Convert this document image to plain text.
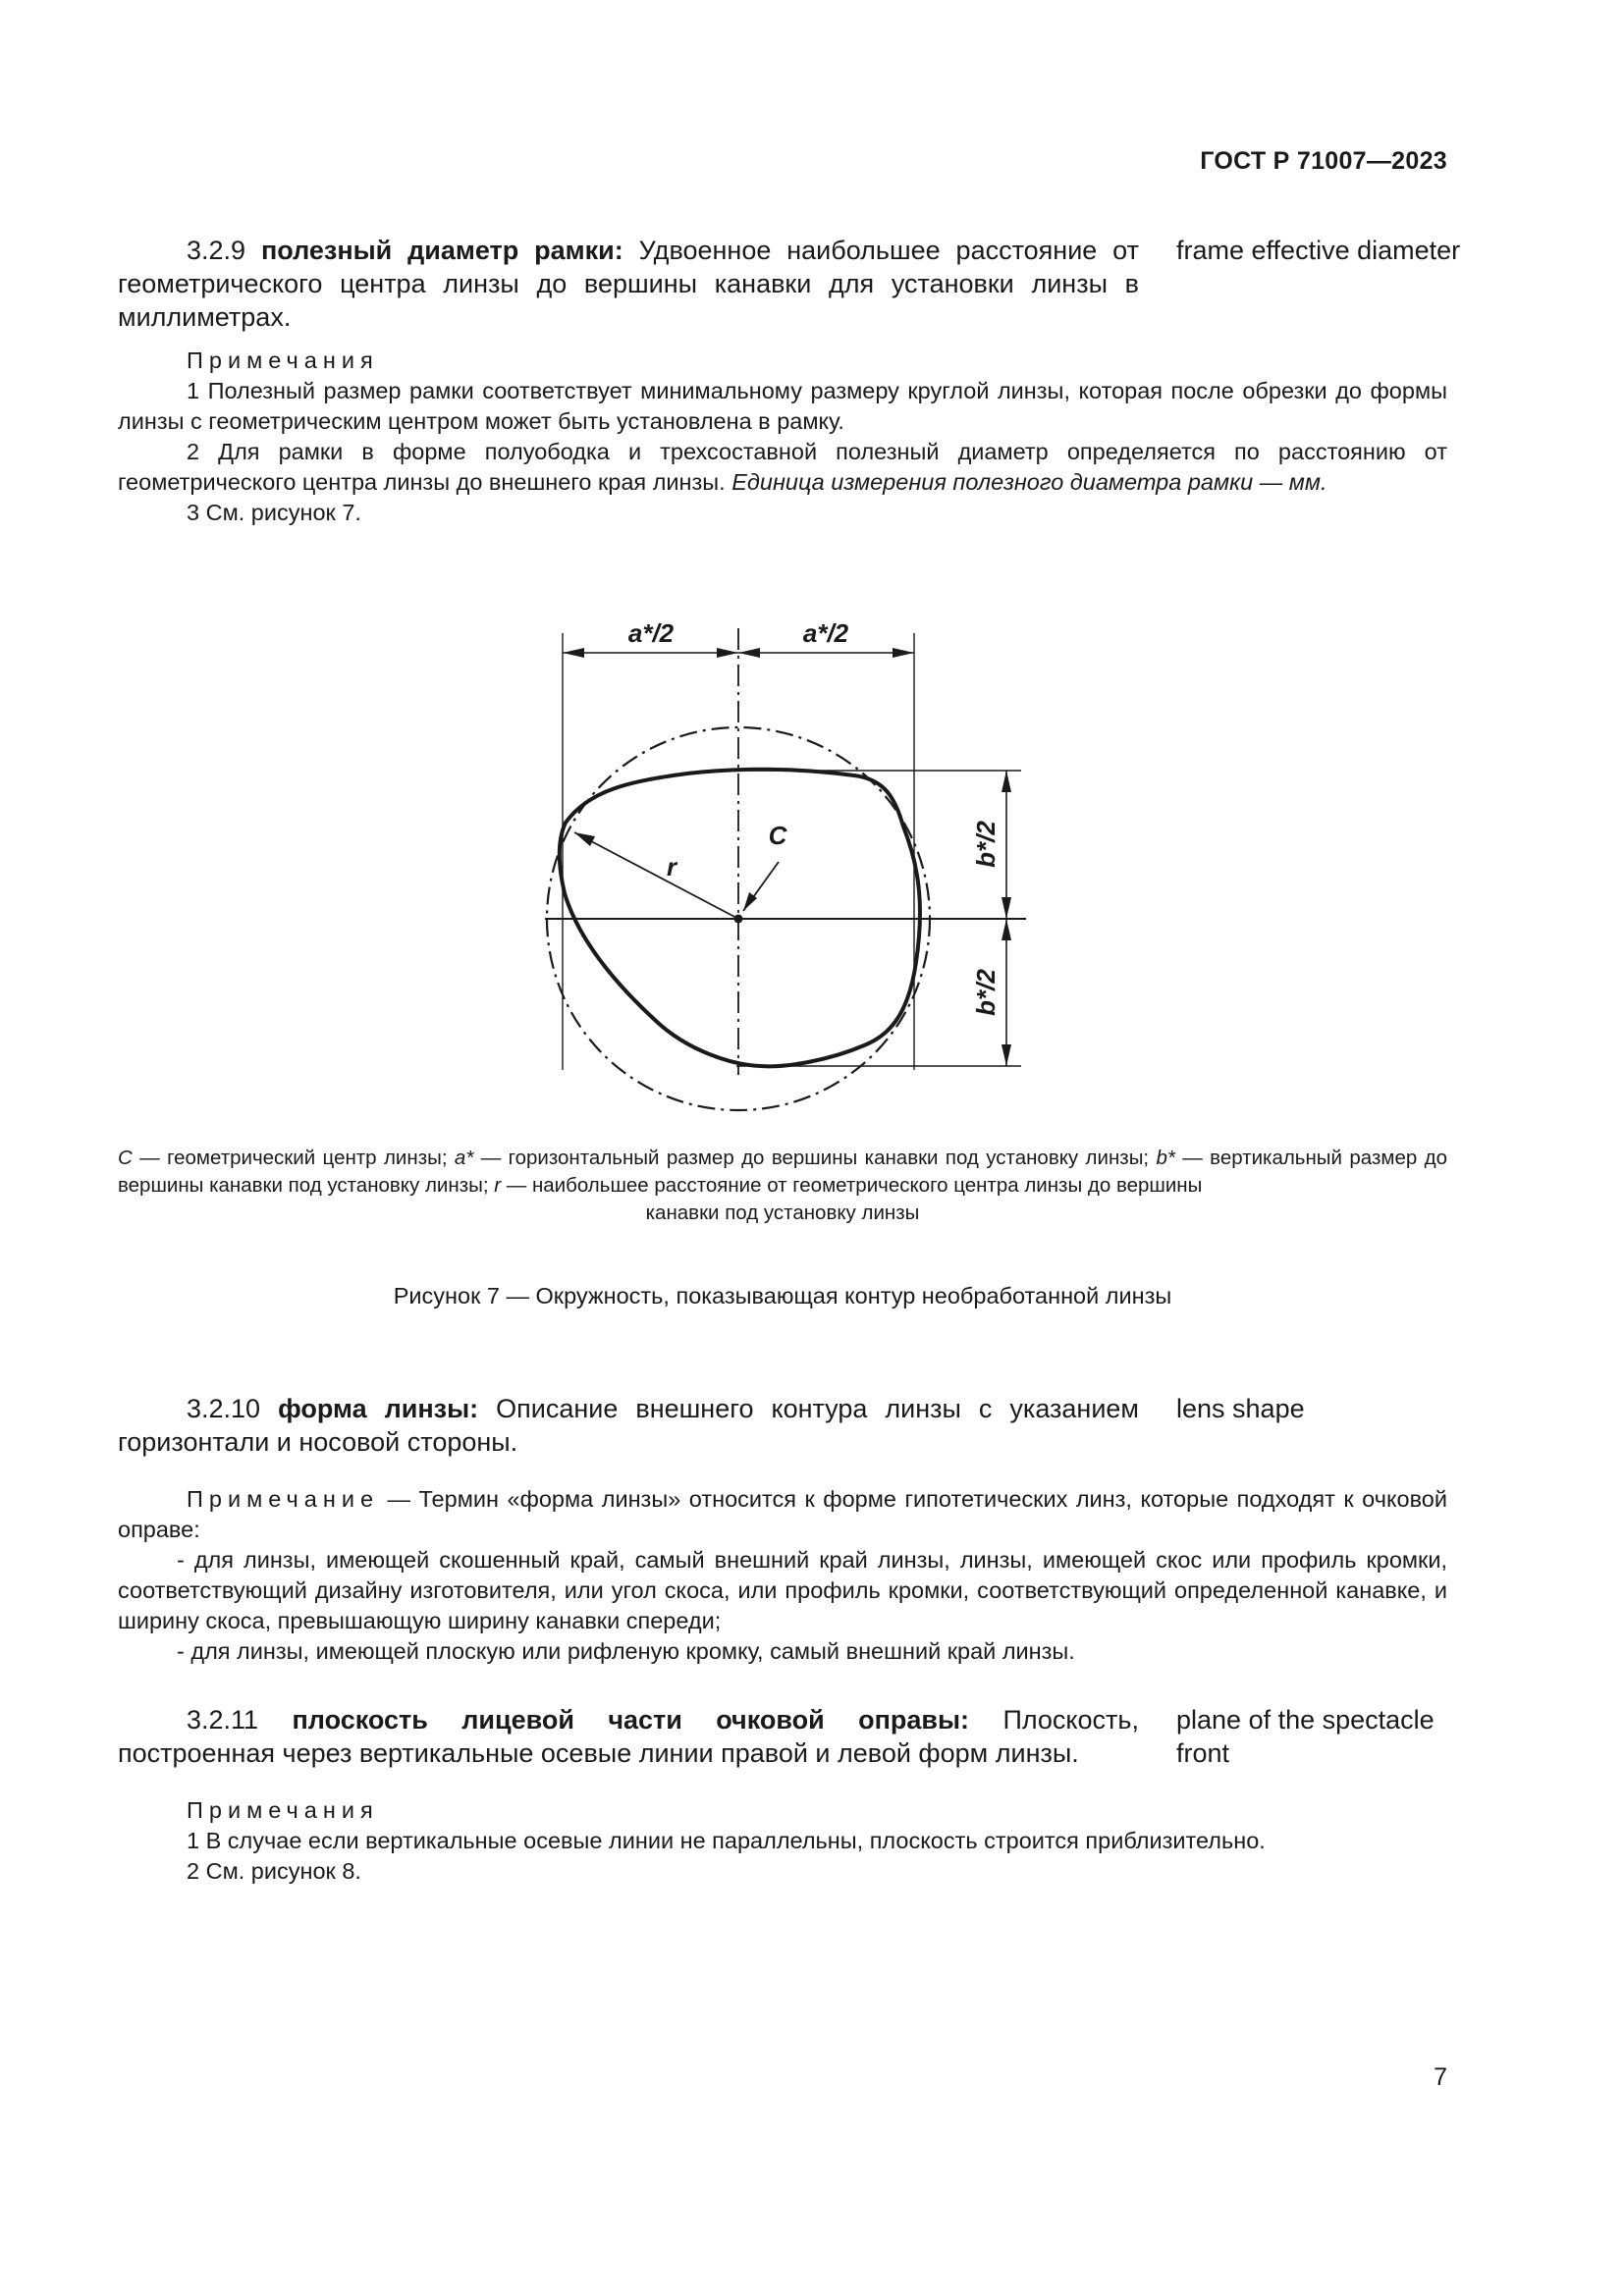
ГОСТ Р 71007—2023
3.2.9 полезный диаметр рамки: Удвоенное наибольшее расстояние от геометрического центра линзы до вершины канавки для установки линзы в миллиметрах.
frame effective diameter

Примечания

1 Полезный размер рамки соответствует минимальному размеру круглой линзы, которая после обрезки до формы линзы с геометрическим центром может быть установлена в рамку.

2 Для рамки в форме полуободка и трехсоставной полезный диаметр определяется по расстоянию от геометрического центра линзы до внешнего края линзы. Единица измерения полезного диаметра рамки — мм.

3 См. рисунок 7.

a*/2	a*/2
b*/2
b*/2
C
r
C — геометрический центр линзы; a* — горизонтальный размер до вершины канавки под установку линзы; b* — вертикальный размер до вершины канавки под установку линзы; r — наибольшее расстояние от геометрического центра линзы до вершины
канавки под установку линзы
Рисунок 7 — Окружность, показывающая контур необработанной линзы
3.2.10 форма линзы: Описание внешнего контура линзы с указанием горизонтали и носовой стороны.
lens shape

Примечание — Термин «форма линзы» относится к форме гипотетических линз, которые подходят к очковой оправе:

- для линзы, имеющей скошенный край, самый внешний край линзы, линзы, имеющей скос или профиль кромки, соответствующий дизайну изготовителя, или угол скоса, или профиль кромки, соответствующий определенной канавке, и ширину скоса, превышающую ширину канавки спереди;

- для линзы, имеющей плоскую или рифленую кромку, самый внешний край линзы.

3.2.11 плоскость лицевой части очковой оправы: Плоскость, построенная через вертикальные осевые линии правой и левой форм линзы.
plane of the spectacle front

Примечания

1 В случае если вертикальные осевые линии не параллельны, плоскость строится приблизительно.

2 См. рисунок 8.

7
